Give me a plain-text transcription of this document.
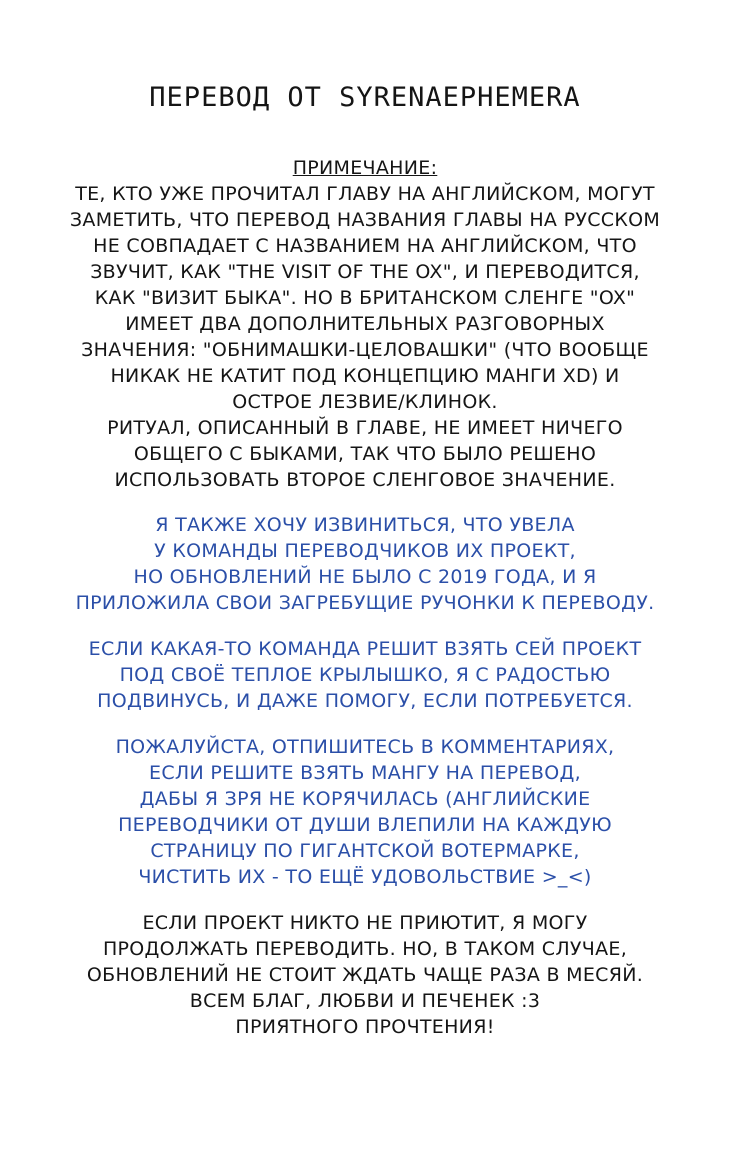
ПЕРЕВОД ОТ SYRENAEPHEMERA
ПРИМЕЧАНИЕ:
ТЕ, КТО УЖЕ ПРОЧИТАЛ ГЛАВУ НА АНГЛИЙСКОМ, МОГУТ
ЗАМЕТИТЬ, ЧТО ПЕРЕВОД НАЗВАНИЯ ГЛАВЫ НА РУССКОМ
НЕ СОВПАДАЕТ С НАЗВАНИЕМ НА АНГЛИЙСКОМ, ЧТО
ЗВУЧИТ, КАК "THE VISIT OF THE OX", И ПЕРЕВОДИТСЯ,
КАК "ВИЗИТ БЫКА". НО В БРИТАНСКОМ СЛЕНГЕ "OX"
ИМЕЕТ ДВА ДОПОЛНИТЕЛЬНЫХ РАЗГОВОРНЫХ
ЗНАЧЕНИЯ: "ОБНИМАШКИ-ЦЕЛОВАШКИ" (ЧТО ВООБЩЕ
НИКАК НЕ КАТИТ ПОД КОНЦЕПЦИЮ МАНГИ XD) И
ОСТРОЕ ЛЕЗВИЕ/КЛИНОК.
РИТУАЛ, ОПИСАННЫЙ В ГЛАВЕ, НЕ ИМЕЕТ НИЧЕГО
ОБЩЕГО С БЫКАМИ, ТАК ЧТО БЫЛО РЕШЕНО
ИСПОЛЬЗОВАТЬ ВТОРОЕ СЛЕНГОВОЕ ЗНАЧЕНИЕ.
Я ТАКЖЕ ХОЧУ ИЗВИНИТЬСЯ, ЧТО УВЕЛА
У КОМАНДЫ ПЕРЕВОДЧИКОВ ИХ ПРОЕКТ,
НО ОБНОВЛЕНИЙ НЕ БЫЛО С 2019 ГОДА, И Я
ПРИЛОЖИЛА СВОИ ЗАГРЕБУЩИЕ РУЧОНКИ К ПЕРЕВОДУ.
ЕСЛИ КАКАЯ-ТО КОМАНДА РЕШИТ ВЗЯТЬ СЕЙ ПРОЕКТ
ПОД СВОЁ ТЕПЛОЕ КРЫЛЫШКО, Я С РАДОСТЬЮ
ПОДВИНУСЬ, И ДАЖЕ ПОМОГУ, ЕСЛИ ПОТРЕБУЕТСЯ.
ПОЖАЛУЙСТА, ОТПИШИТЕСЬ В КОММЕНТАРИЯХ,
ЕСЛИ РЕШИТЕ ВЗЯТЬ МАНГУ НА ПЕРЕВОД,
ДАБЫ Я ЗРЯ НЕ КОРЯЧИЛАСЬ (АНГЛИЙСКИЕ
ПЕРЕВОДЧИКИ ОТ ДУШИ ВЛЕПИЛИ НА КАЖДУЮ
СТРАНИЦУ ПО ГИГАНТСКОЙ ВОТЕРМАРКЕ,
ЧИСТИТЬ ИХ - ТО ЕЩЁ УДОВОЛЬСТВИЕ >_<)
ЕСЛИ ПРОЕКТ НИКТО НЕ ПРИЮТИТ, Я МОГУ
ПРОДОЛЖАТЬ ПЕРЕВОДИТЬ. НО, В ТАКОМ СЛУЧАЕ,
ОБНОВЛЕНИЙ НЕ СТОИТ ЖДАТЬ ЧАЩЕ РАЗА В МЕСЯЙ.
ВСЕМ БЛАГ, ЛЮБВИ И ПЕЧЕНЕК :3
ПРИЯТНОГО ПРОЧТЕНИЯ!
